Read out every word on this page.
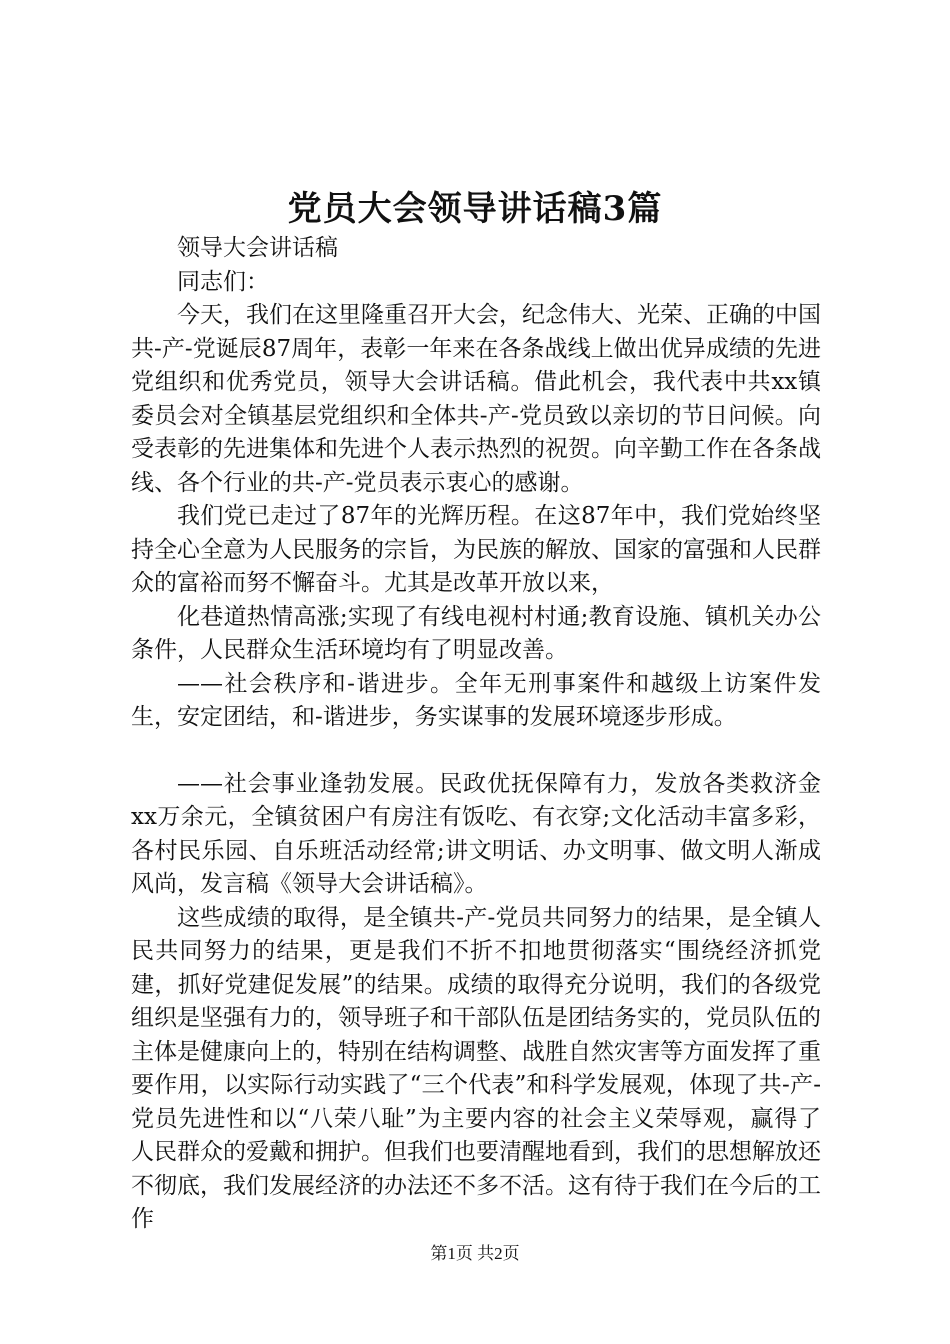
党员大会领导讲话稿3篇

领导大会讲话稿

同志们：

今天，我们在这里隆重召开大会，纪念伟大、光荣、正确的中国共-产-党诞辰87周年，表彰一年来在各条战线上做出优异成绩的先进党组织和优秀党员，领导大会讲话稿。借此机会，我代表中共xx镇委员会对全镇基层党组织和全体共-产-党员致以亲切的节日问候。向受表彰的先进集体和先进个人表示热烈的祝贺。向辛勤工作在各条战线、各个行业的共-产-党员表示衷心的感谢。

我们党已走过了87年的光辉历程。在这87年中，我们党始终坚持全心全意为人民服务的宗旨，为民族的解放、国家的富强和人民群众的富裕而努不懈奋斗。尤其是改革开放以来，

化巷道热情高涨;实现了有线电视村村通;教育设施、镇机关办公条件，人民群众生活环境均有了明显改善。

——社会秩序和-谐进步。全年无刑事案件和越级上访案件发生，安定团结，和-谐进步，务实谋事的发展环境逐步形成。

——社会事业逢勃发展。民政优抚保障有力，发放各类救济金xx万余元，全镇贫困户有房注有饭吃、有衣穿;文化活动丰富多彩，各村民乐园、自乐班活动经常;讲文明话、办文明事、做文明人渐成风尚，发言稿《领导大会讲话稿》。

这些成绩的取得，是全镇共-产-党员共同努力的结果，是全镇人民共同努力的结果，更是我们不折不扣地贯彻落实“围绕经济抓党建，抓好党建促发展”的结果。成绩的取得充分说明，我们的各级党组织是坚强有力的，领导班子和干部队伍是团结务实的，党员队伍的主体是健康向上的，特别在结构调整、战胜自然灾害等方面发挥了重要作用，以实际行动实践了“三个代表”和科学发展观，体现了共-产-党员先进性和以“八荣八耻”为主要内容的社会主义荣辱观，赢得了人民群众的爱戴和拥护。但我们也要清醒地看到，我们的思想解放还不彻底，我们发展经济的办法还不多不活。这有待于我们在今后的工作

第1页 共2页
